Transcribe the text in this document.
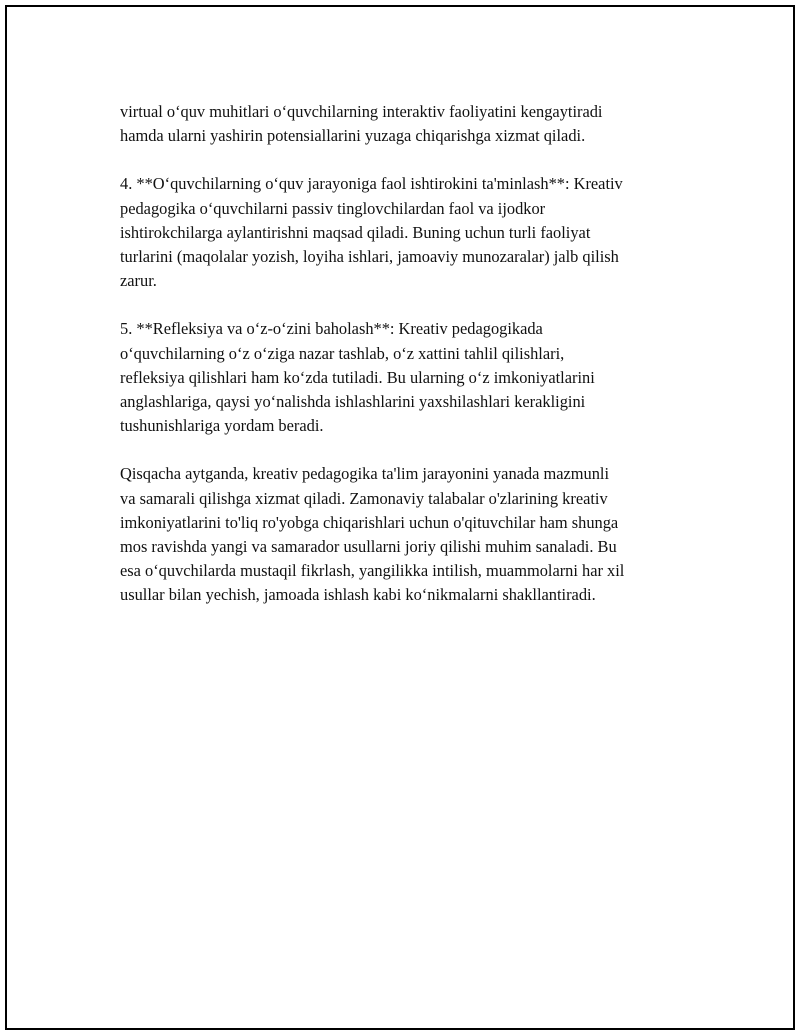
virtual o‘quv muhitlari o‘quvchilarning interaktiv faoliyatini kengaytiradi
hamda ularni yashirin potensiallarini yuzaga chiqarishga xizmat qiladi.

4. **O‘quvchilarning o‘quv jarayoniga faol ishtirokini ta'minlash**: Kreativ
pedagogika o‘quvchilarni passiv tinglovchilardan faol va ijodkor
ishtirokchilarga aylantirishni maqsad qiladi. Buning uchun turli faoliyat
turlarini (maqolalar yozish, loyiha ishlari, jamoaviy munozaralar) jalb qilish
zarur.

5. **Refleksiya va o‘z-o‘zini baholash**: Kreativ pedagogikada
o‘quvchilarning o‘z o‘ziga nazar tashlab, o‘z xattini tahlil qilishlari,
refleksiya qilishlari ham ko‘zda tutiladi. Bu ularning o‘z imkoniyatlarini
anglashlariga, qaysi yo‘nalishda ishlashlarini yaxshilashlari kerakligini
tushunishlariga yordam beradi.

Qisqacha aytganda, kreativ pedagogika ta'lim jarayonini yanada mazmunli
va samarali qilishga xizmat qiladi. Zamonaviy talabalar o'zlarining kreativ
imkoniyatlarini to'liq ro'yobga chiqarishlari uchun o'qituvchilar ham shunga
mos ravishda yangi va samarador usullarni joriy qilishi muhim sanaladi. Bu
esa o‘quvchilarda mustaqil fikrlash, yangilikka intilish, muammolarni har xil
usullar bilan yechish, jamoada ishlash kabi ko‘nikmalarni shakllantiradi.
